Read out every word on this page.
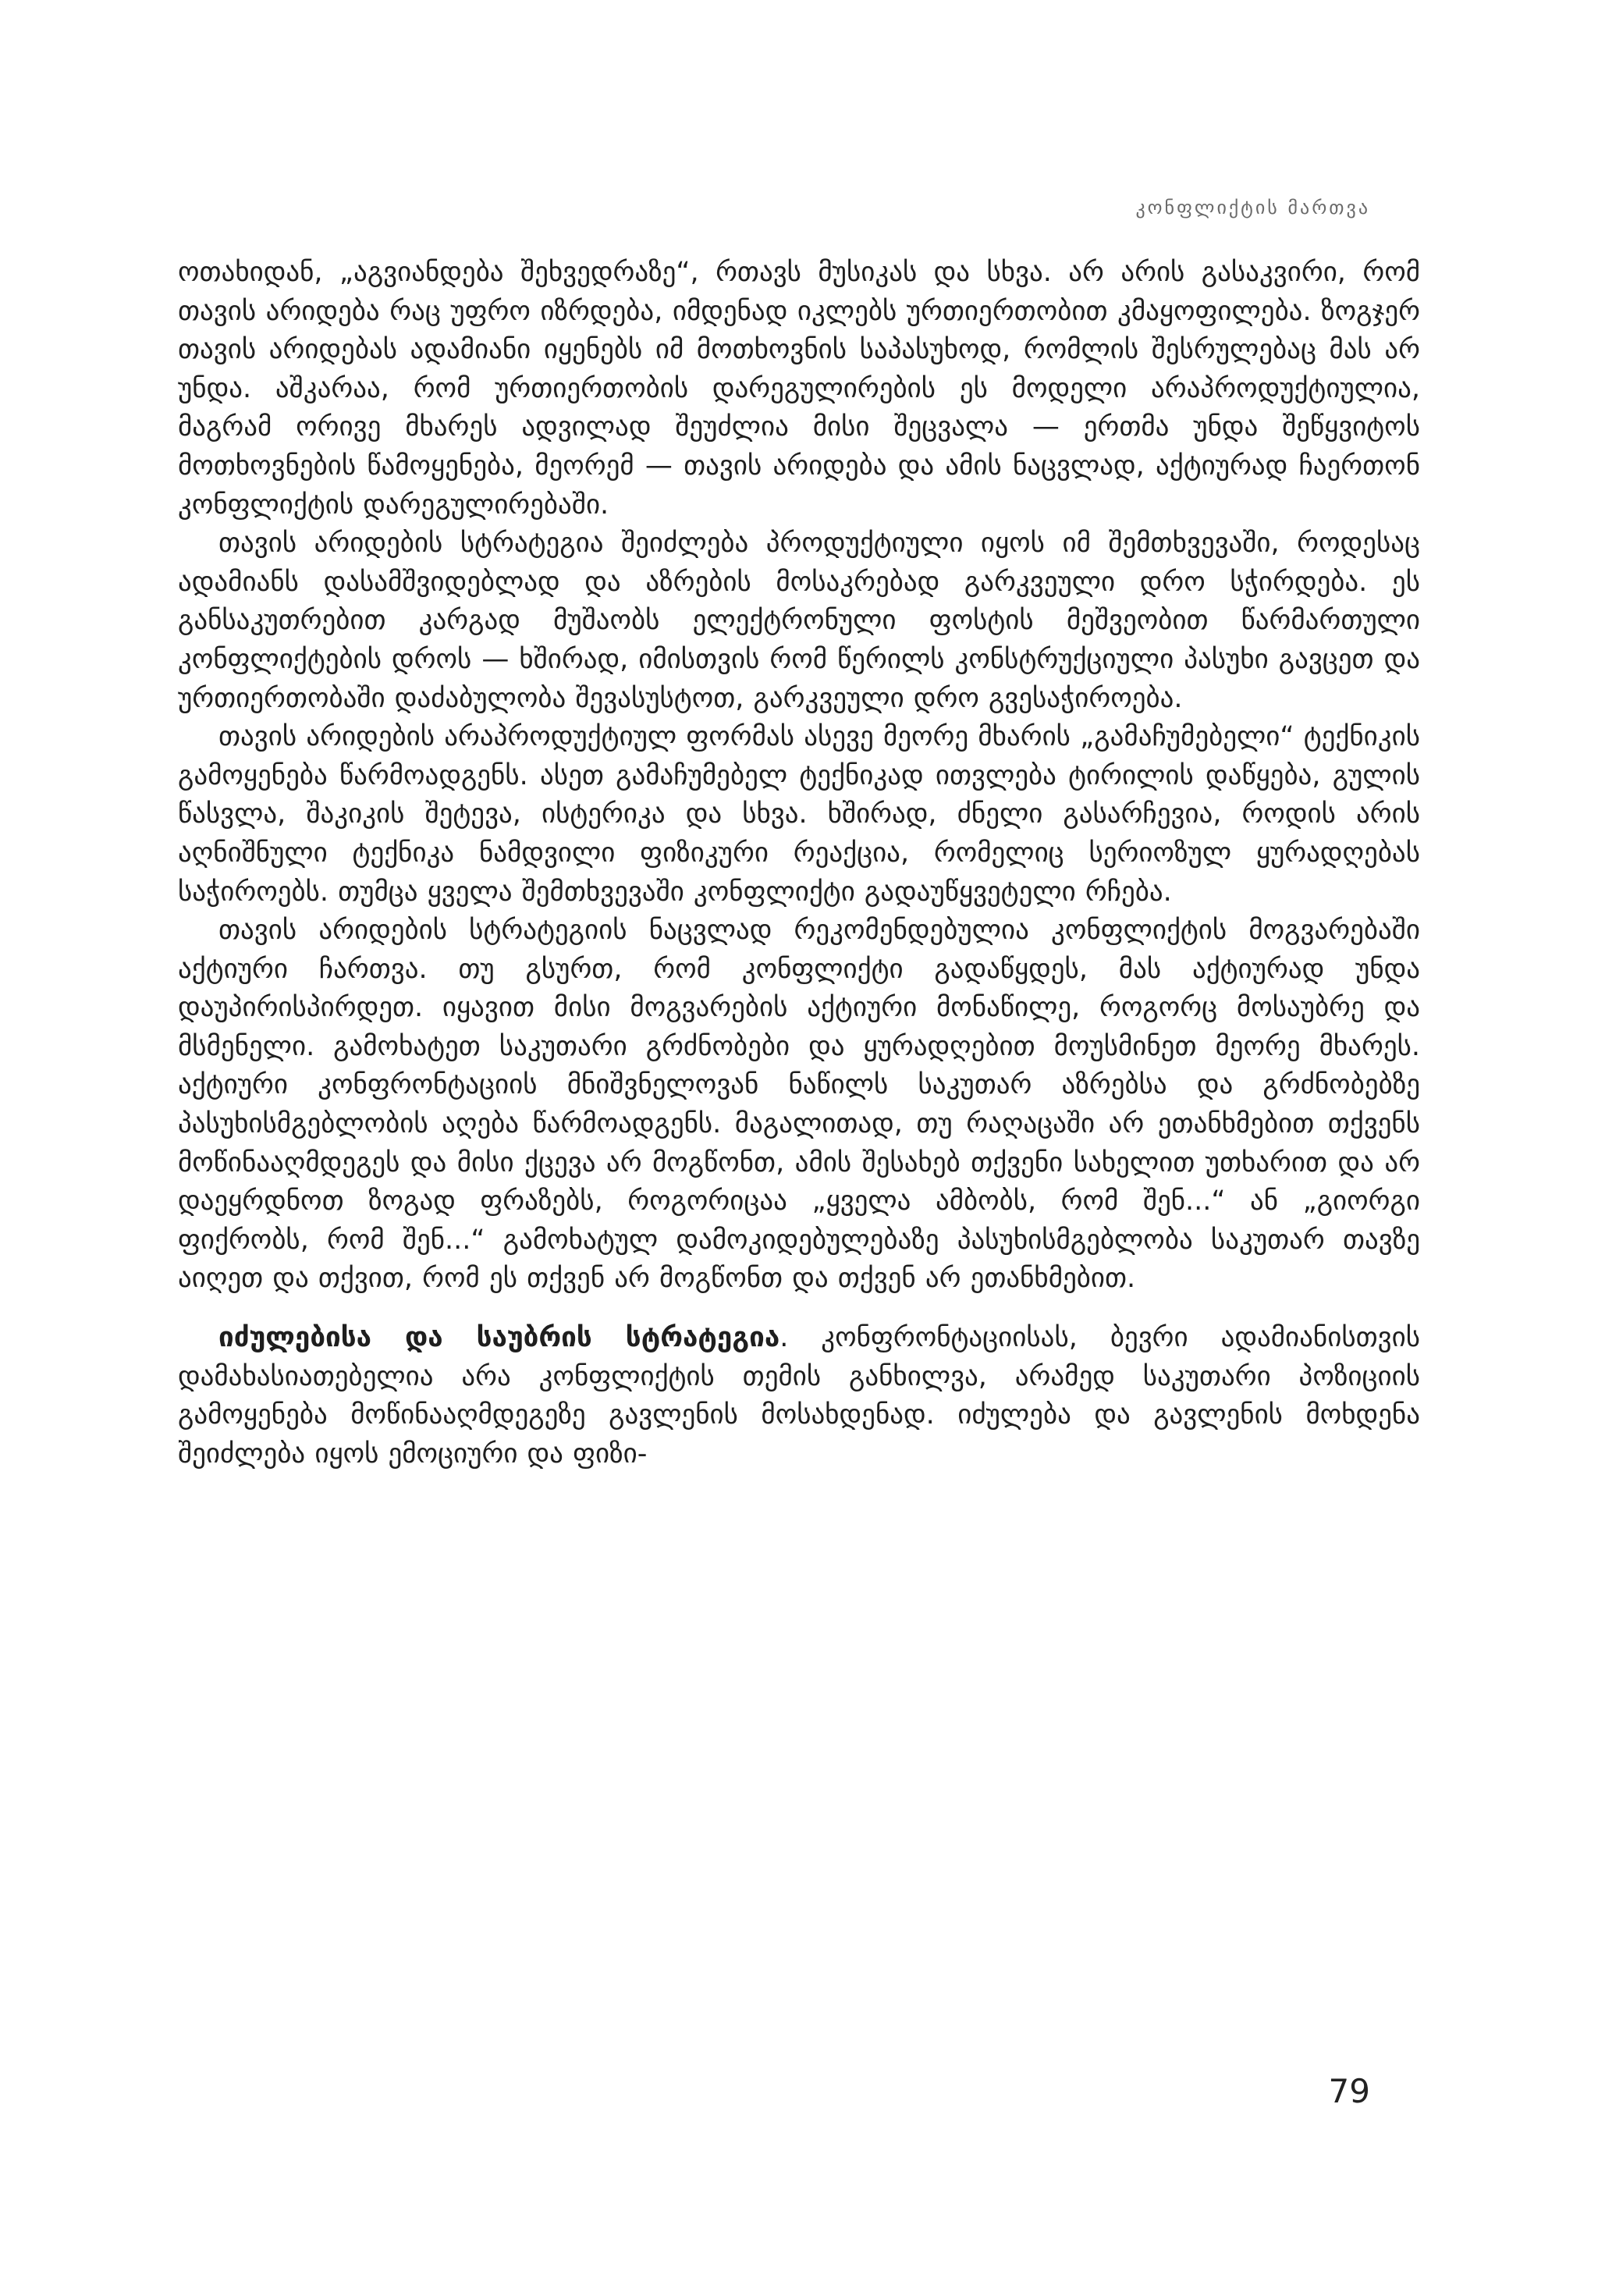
კონფლიქტის მართვა

ოთახიდან, „აგვიანდება შეხვედრაზე“, რთავს მუსიკას და სხვა. არ არის გასაკვირი, რომ თავის არიდება რაც უფრო იზრდება, იმდენად იკლებს ურთიერთობით კმაყოფილება. ზოგჯერ თავის არიდებას ადამიანი იყენებს იმ მოთხოვნის საპასუხოდ, რომლის შესრულებაც მას არ უნდა. აშკარაა, რომ ურთიერთობის დარეგულირების ეს მოდელი არაპროდუქტიულია, მაგრამ ორივე მხარეს ადვილად შეუძლია მისი შეცვალა — ერთმა უნდა შეწყვიტოს მოთხოვნების წამოყენება, მეორემ — თავის არიდება და ამის ნაცვლად, აქტიურად ჩაერთონ კონფლიქტის დარეგულირებაში.

თავის არიდების სტრატეგია შეიძლება პროდუქტიული იყოს იმ შემთხვევაში, როდესაც ადამიანს დასამშვიდებლად და აზრების მოსაკრებად გარკვეული დრო სჭირდება. ეს განსაკუთრებით კარგად მუშაობს ელექტრონული ფოსტის მეშვეობით წარმართული კონფლიქტების დროს — ხშირად, იმისთვის რომ წერილს კონსტრუქციული პასუხი გავცეთ და ურთიერთობაში დაძაბულობა შევასუსტოთ, გარკვეული დრო გვესაჭიროება.

თავის არიდების არაპროდუქტიულ ფორმას ასევე მეორე მხარის „გამაჩუმებელი“ ტექნიკის გამოყენება წარმოადგენს. ასეთ გამაჩუმებელ ტექნიკად ითვლება ტირილის დაწყება, გულის წასვლა, შაკიკის შეტევა, ისტერიკა და სხვა. ხშირად, ძნელი გასარჩევია, როდის არის აღნიშნული ტექნიკა ნამდვილი ფიზიკური რეაქცია, რომელიც სერიოზულ ყურადღებას საჭიროებს. თუმცა ყველა შემთხვევაში კონფლიქტი გადაუწყვეტელი რჩება.

თავის არიდების სტრატეგიის ნაცვლად რეკომენდებულია კონფლიქტის მოგვარებაში აქტიური ჩართვა. თუ გსურთ, რომ კონფლიქტი გადაწყდეს, მას აქტიურად უნდა დაუპირისპირდეთ. იყავით მისი მოგვარების აქტიური მონაწილე, როგორც მოსაუბრე და მსმენელი. გამოხატეთ საკუთარი გრძნობები და ყურადღებით მოუსმინეთ მეორე მხარეს. აქტიური კონფრონტაციის მნიშვნელოვან ნაწილს საკუთარ აზრებსა და გრძნობებზე პასუხისმგებლობის აღება წარმოადგენს. მაგალითად, თუ რაღაცაში არ ეთანხმებით თქვენს მოწინააღმდეგეს და მისი ქცევა არ მოგწონთ, ამის შესახებ თქვენი სახელით უთხარით და არ დაეყრდნოთ ზოგად ფრაზებს, როგორიცაა „ყველა ამბობს, რომ შენ...“ ან „გიორგი ფიქრობს, რომ შენ...“ გამოხატულ დამოკიდებულებაზე პასუხისმგებლობა საკუთარ თავზე აიღეთ და თქვით, რომ ეს თქვენ არ მოგწონთ და თქვენ არ ეთანხმებით.

იძულებისა და საუბრის სტრატეგია. კონფრონტაციისას, ბევრი ადამიანისთვის დამახასიათებელია არა კონფლიქტის თემის განხილვა, არამედ საკუთარი პოზიციის გამოყენება მოწინააღმდეგეზე გავლენის მოსახდენად. იძულება და გავლენის მოხდენა შეიძლება იყოს ემოციური და ფიზი-

79
